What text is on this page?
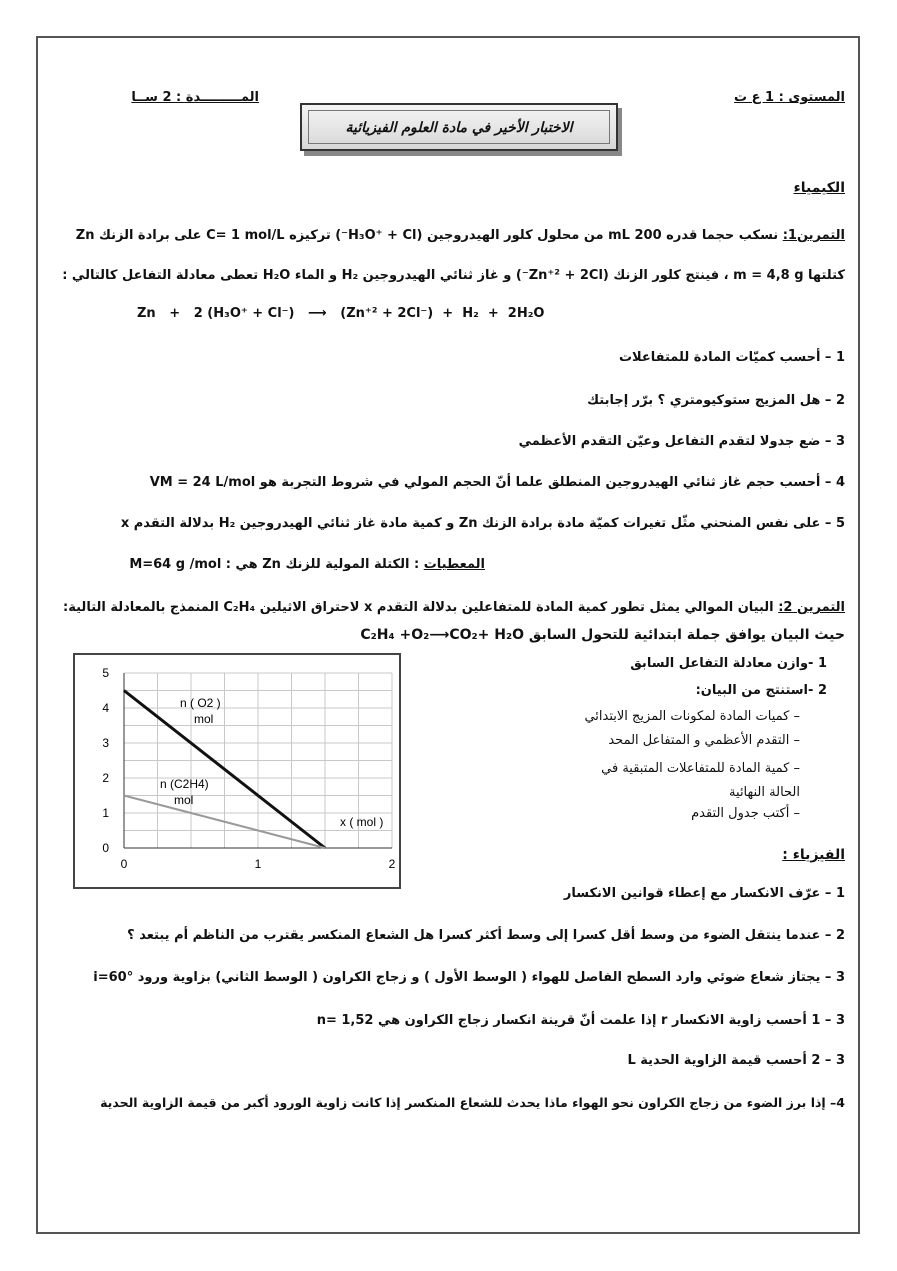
المستوى : 1 ع ت
المـــــــــدة : 2 ســا
الاختبار الأخير في مادة العلوم الفيزيائية
الكيمياء
التمرين1: نسكب حجما قدره 200 mL من محلول كلور الهيدروجين (H₃O⁺ + Cl⁻) تركيزه C= 1 mol/L على برادة الزنك Zn
كتلتها m = 4,8 g ، فينتج كلور الزنك (Zn⁺² + 2Cl⁻) و غاز ثنائي الهيدروجين H₂ و الماء H₂O تعطى معادلة التفاعل كالتالي :
Zn   +   2 (H₃O⁺ + Cl⁻)   ⟶   (Zn⁺² + 2Cl⁻)  +  H₂  +  2H₂O
1 – أحسب كميّات المادة للمتفاعلات
2 – هل المزيج ستوكيومتري ؟ برّر إجابتك
3 – ضع جدولا لتقدم التفاعل وعيّن التقدم الأعظمي
4 – أحسب حجم غاز ثنائي الهيدروجين المنطلق علما أنّ الحجم المولي في شروط التجربة هو VM = 24 L/mol
5 – على نفس المنحني مثّل تغيرات كميّة مادة برادة الزنك Zn و كمية مادة غاز ثنائي الهيدروجين H₂ بدلالة التقدم x
المعطيات : الكتلة المولية للزنك Zn هي : M=64 g /mol
التمرين 2: البيان الموالي يمثل تطور كمية المادة للمتفاعلين بدلالة التقدم x لاحتراق الاثيلين C₂H₄ المنمذج بالمعادلة التالية:
C₂H₄ +O₂⟶CO₂+ H₂O حيث البيان يوافق جملة ابتدائية للتحول السابق
1 -وازن معادلة التفاعل السابق
2 -استنتج من البيان:
– كميات المادة لمكونات المزيج الابتدائي
– التقدم الأعظمي و المتفاعل المحد
– كمية المادة للمتفاعلات المتبقية في الحالة النهائية
– أكتب جدول التقدم
0
1
2
3
4
5
0	1	2
n ( O2 )
mol
n (C2H4)
mol
x ( mol )
الفيزياء :
1 – عرّف الانكسار مع إعطاء قوانين الانكسار
2 – عندما ينتقل الضوء من وسط أقل كسرا إلى وسط أكثر كسرا هل الشعاع المنكسر يقترب من الناظم أم يبتعد ؟
3 – يجتاز شعاع ضوئي وارد السطح الفاصل للهواء ( الوسط الأول ) و زجاج الكراون ( الوسط الثاني) بزاوية ورود i=60°
3 – 1 أحسب زاوية الانكسار r إذا علمت أنّ قرينة انكسار زجاج الكراون هي n= 1,52
3 – 2 أحسب قيمة الزاوية الحدية L
4– إذا برز الضوء من زجاج الكراون نحو الهواء ماذا يحدث للشعاع المنكسر إذا كانت زاوية الورود أكبر من قيمة الزاوية الحدية
